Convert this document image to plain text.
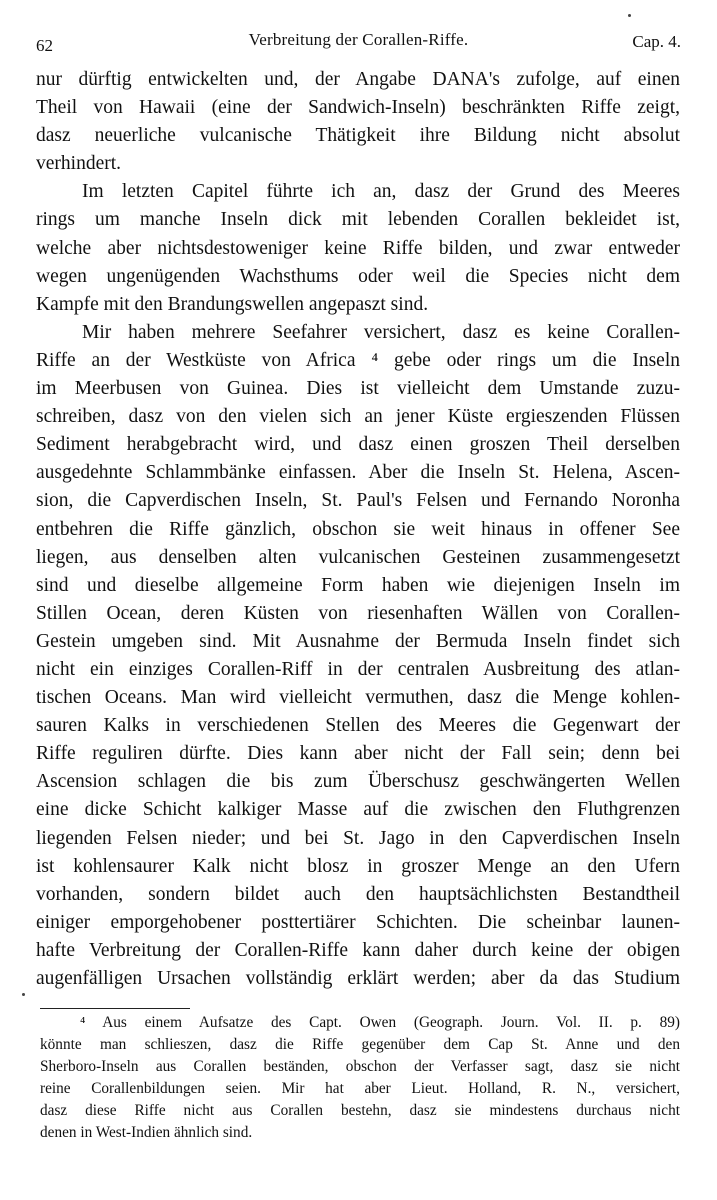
62	Verbreitung der Corallen-Riffe.	Cap. 4.
nur dürftig entwickelten und, der Angabe DANA's zufolge, auf einen
Theil von Hawaii (eine der Sandwich-Inseln) beschränkten Riffe zeigt,
dasz neuerliche vulcanische Thätigkeit ihre Bildung nicht absolut
verhindert.
Im letzten Capitel führte ich an, dasz der Grund des Meeres
rings um manche Inseln dick mit lebenden Corallen bekleidet ist,
welche aber nichtsdestoweniger keine Riffe bilden, und zwar entweder
wegen ungenügenden Wachsthums oder weil die Species nicht dem
Kampfe mit den Brandungswellen angepaszt sind.
Mir haben mehrere Seefahrer versichert, dasz es keine Corallen-
Riffe an der Westküste von Africa ⁴ gebe oder rings um die Inseln
im Meerbusen von Guinea. Dies ist vielleicht dem Umstande zuzu-
schreiben, dasz von den vielen sich an jener Küste ergieszenden Flüssen
Sediment herabgebracht wird, und dasz einen groszen Theil derselben
ausgedehnte Schlammbänke einfassen. Aber die Inseln St. Helena, Ascen-
sion, die Capverdischen Inseln, St. Paul's Felsen und Fernando Noronha
entbehren die Riffe gänzlich, obschon sie weit hinaus in offener See
liegen, aus denselben alten vulcanischen Gesteinen zusammengesetzt
sind und dieselbe allgemeine Form haben wie diejenigen Inseln im
Stillen Ocean, deren Küsten von riesenhaften Wällen von Corallen-
Gestein umgeben sind. Mit Ausnahme der Bermuda Inseln findet sich
nicht ein einziges Corallen-Riff in der centralen Ausbreitung des atlan-
tischen Oceans. Man wird vielleicht vermuthen, dasz die Menge kohlen-
sauren Kalks in verschiedenen Stellen des Meeres die Gegenwart der
Riffe reguliren dürfte. Dies kann aber nicht der Fall sein; denn bei
Ascension schlagen die bis zum Überschusz geschwängerten Wellen
eine dicke Schicht kalkiger Masse auf die zwischen den Fluthgrenzen
liegenden Felsen nieder; und bei St. Jago in den Capverdischen Inseln
ist kohlensaurer Kalk nicht blosz in groszer Menge an den Ufern
vorhanden, sondern bildet auch den hauptsächlichsten Bestandtheil
einiger emporgehobener posttertiärer Schichten. Die scheinbar launen-
hafte Verbreitung der Corallen-Riffe kann daher durch keine der obigen
augenfälligen Ursachen vollständig erklärt werden; aber da das Studium
⁴ Aus einem Aufsatze des Capt. Owen (Geograph. Journ. Vol. II. p. 89)
könnte man schlieszen, dasz die Riffe gegenüber dem Cap St. Anne und den
Sherboro-Inseln aus Corallen beständen, obschon der Verfasser sagt, dasz sie nicht
reine Corallenbildungen seien. Mir hat aber Lieut. Holland, R. N., versichert,
dasz diese Riffe nicht aus Corallen bestehn, dasz sie mindestens durchaus nicht
denen in West-Indien ähnlich sind.
